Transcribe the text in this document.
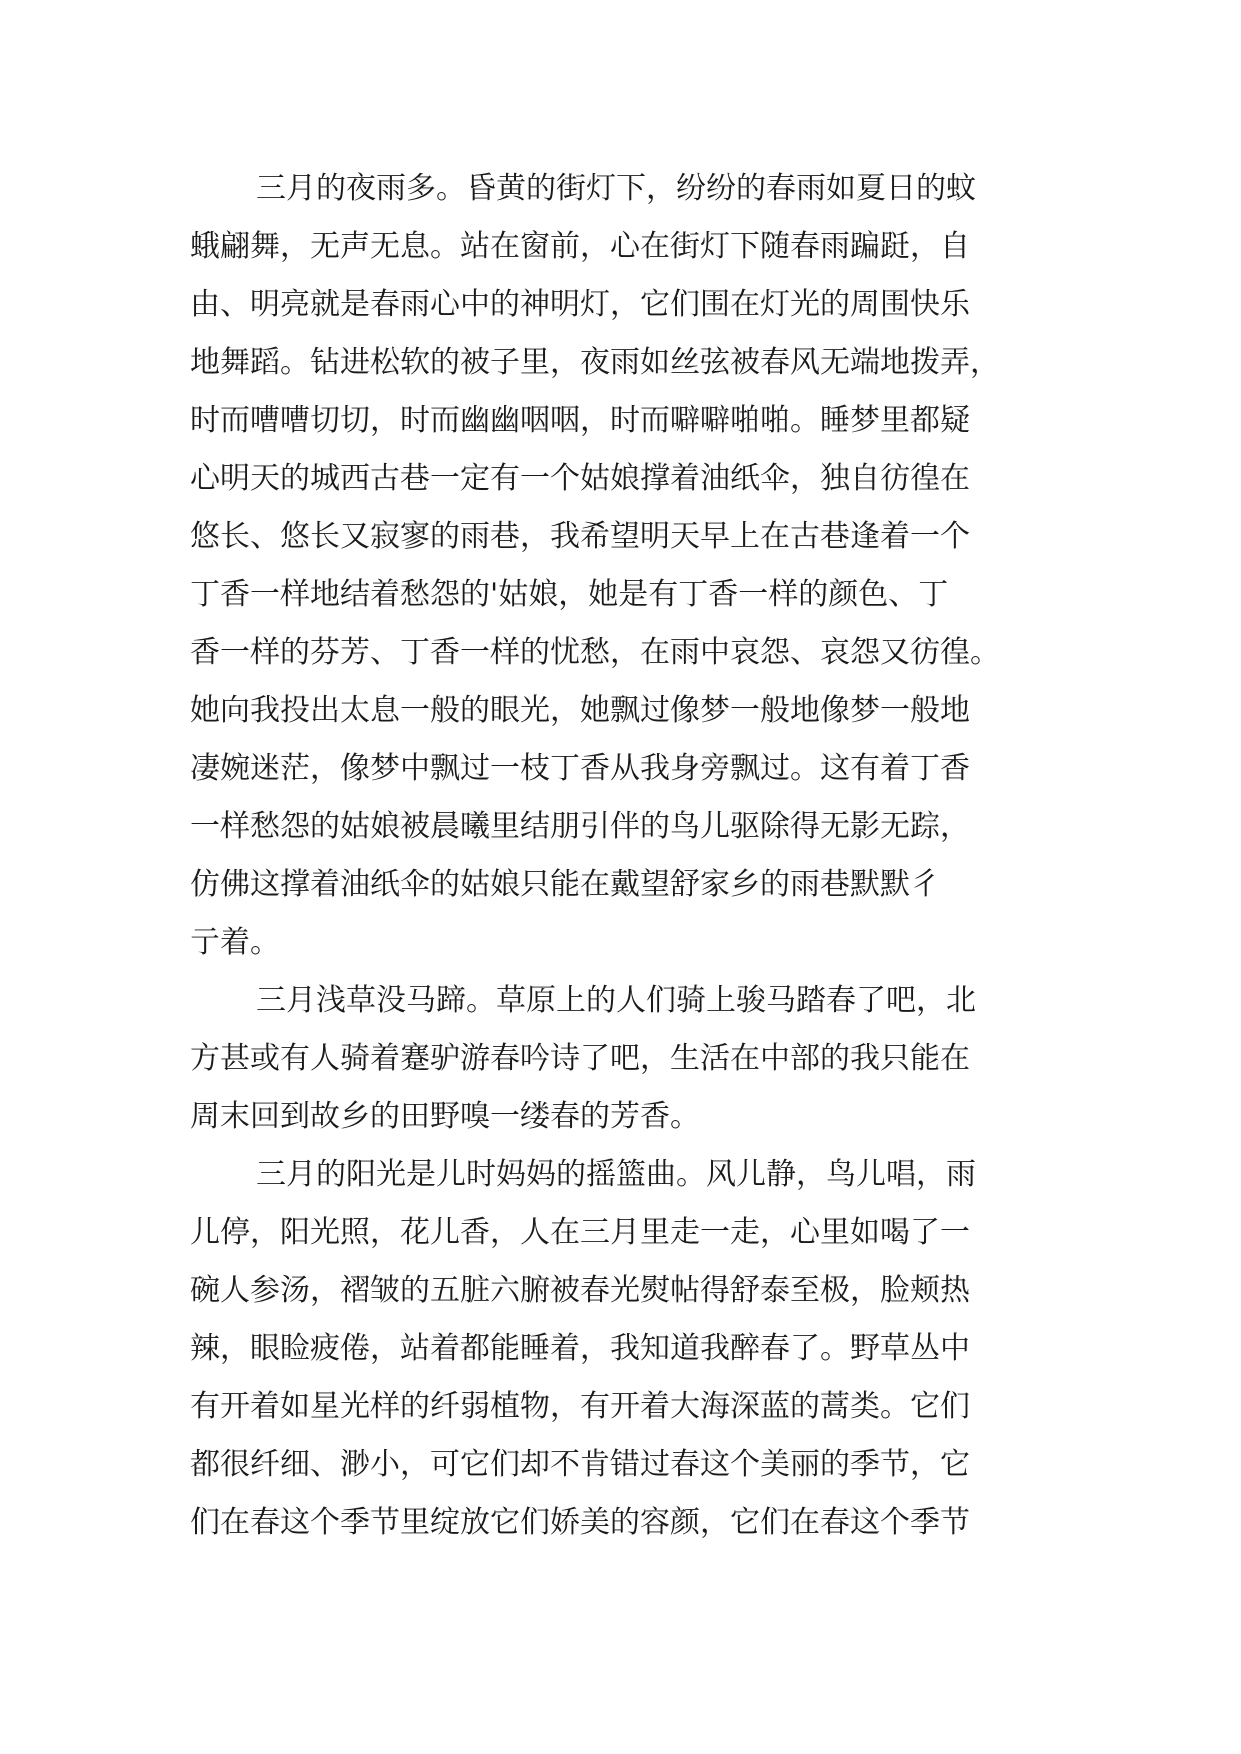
三月的夜雨多。昏黄的街灯下，纷纷的春雨如夏日的蚊
蛾翩舞，无声无息。站在窗前，心在街灯下随春雨蹁跹，自
由、明亮就是春雨心中的神明灯，它们围在灯光的周围快乐
地舞蹈。钻进松软的被子里，夜雨如丝弦被春风无端地拨弄，
时而嘈嘈切切，时而幽幽咽咽，时而噼噼啪啪。睡梦里都疑
心明天的城西古巷一定有一个姑娘撑着油纸伞，独自彷徨在
悠长、悠长又寂寥的雨巷，我希望明天早上在古巷逢着一个
丁香一样地结着愁怨的'姑娘，她是有丁香一样的颜色、丁
香一样的芬芳、丁香一样的忧愁，在雨中哀怨、哀怨又彷徨。
她向我投出太息一般的眼光，她飘过像梦一般地像梦一般地
凄婉迷茫，像梦中飘过一枝丁香从我身旁飘过。这有着丁香
一样愁怨的姑娘被晨曦里结朋引伴的鸟儿驱除得无影无踪，
仿佛这撑着油纸伞的姑娘只能在戴望舒家乡的雨巷默默彳
亍着。
三月浅草没马蹄。草原上的人们骑上骏马踏春了吧，北
方甚或有人骑着蹇驴游春吟诗了吧，生活在中部的我只能在
周末回到故乡的田野嗅一缕春的芳香。
三月的阳光是儿时妈妈的摇篮曲。风儿静，鸟儿唱，雨
儿停，阳光照，花儿香，人在三月里走一走，心里如喝了一
碗人参汤，褶皱的五脏六腑被春光熨帖得舒泰至极，脸颊热
辣，眼睑疲倦，站着都能睡着，我知道我醉春了。野草丛中
有开着如星光样的纤弱植物，有开着大海深蓝的蒿类。它们
都很纤细、渺小，可它们却不肯错过春这个美丽的季节，它
们在春这个季节里绽放它们娇美的容颜，它们在春这个季节
